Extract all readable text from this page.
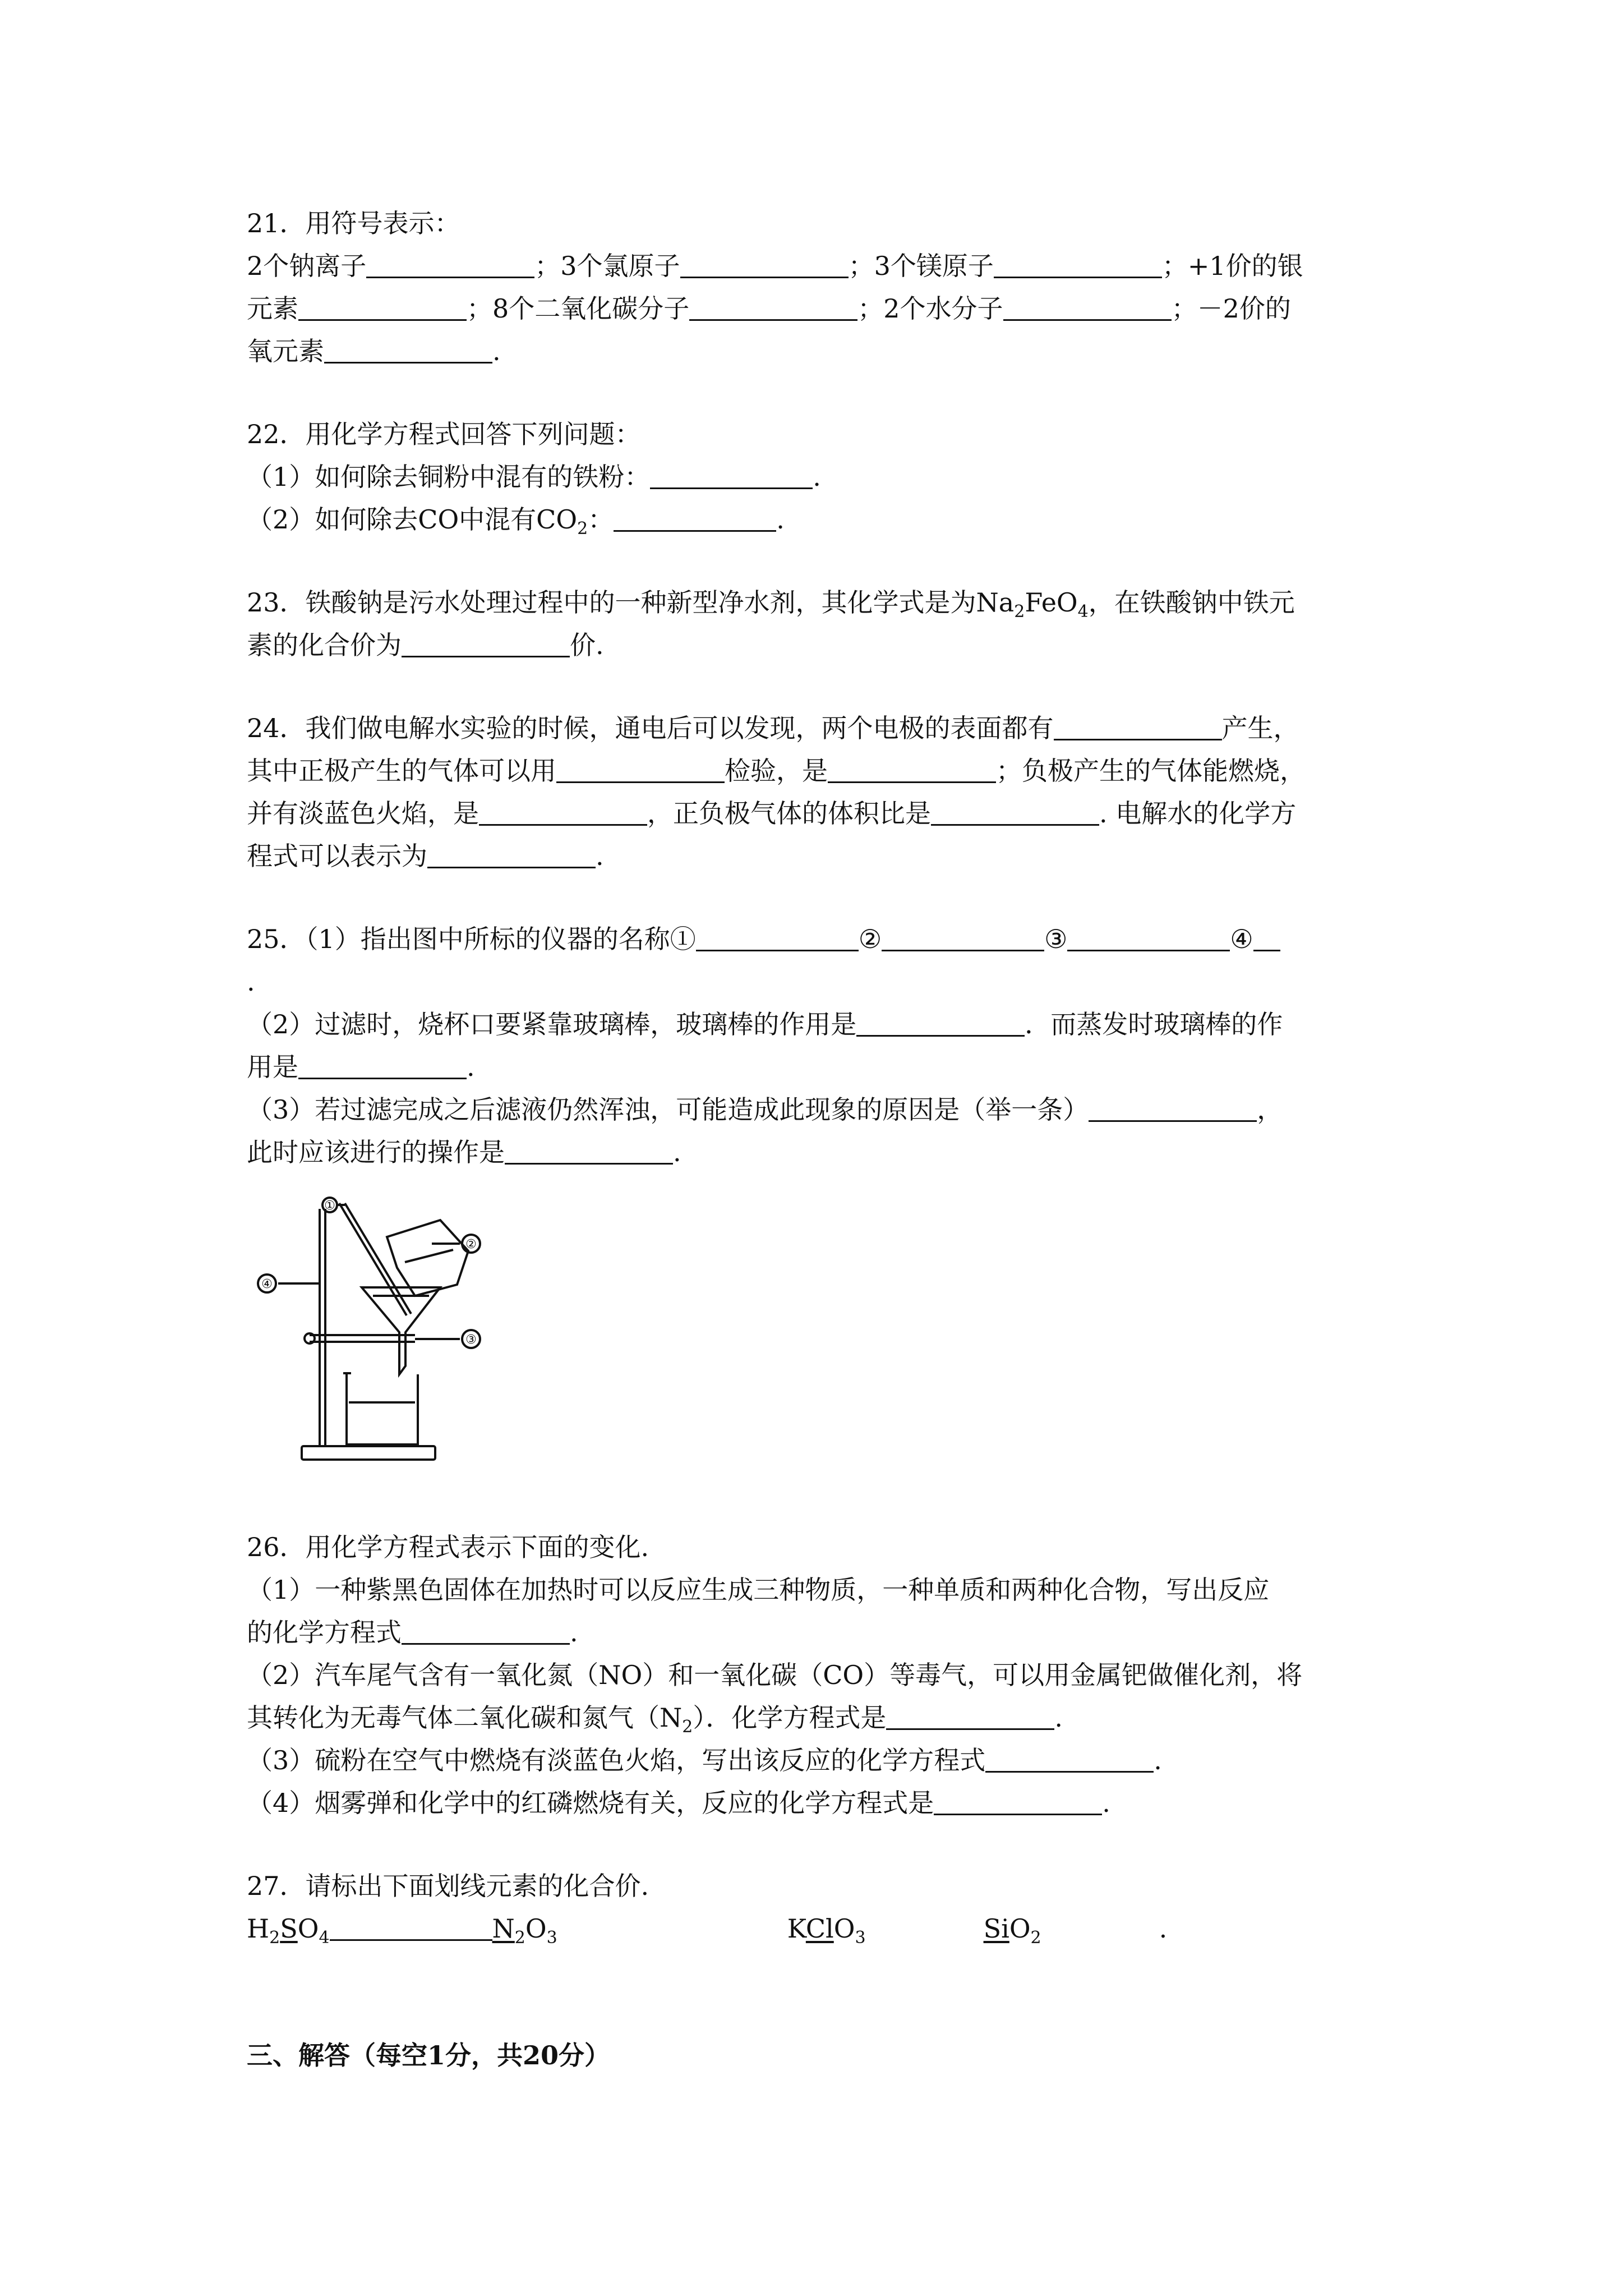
21．用符号表示：
2个钠离子	；3个氯原子	；3个镁原子	；+1价的银
元素	；8个二氧化碳分子	；2个水分子	；－2价的
氧元素	.
22．用化学方程式回答下列问题：
（1）如何除去铜粉中混有的铁粉：	.
（2）如何除去CO中混有$CO_2$：	.
23．铁酸钠是污水处理过程中的一种新型净水剂，其化学式是为$Na_2FeO_4$，在铁酸钠中铁元
素的化合价为	价.
24．我们做电解水实验的时候，通电后可以发现，两个电极的表面都有	产生，
其中正极产生的气体可以用	检验，是	；负极产生的气体能燃烧，
并有淡蓝色火焰，是	，正负极气体的体积比是	. 电解水的化学方
程式可以表示为	.
25．（1）指出图中所标的仪器的名称①	②	③	④
.
（2）过滤时，烧杯口要紧靠玻璃棒，玻璃棒的作用是	．而蒸发时玻璃棒的作
用是	.
（3）若过滤完成之后滤液仍然浑浊，可能造成此现象的原因是（举一条）	，
此时应该进行的操作是	.
①
②
③
④
26．用化学方程式表示下面的变化.
（1）一种紫黑色固体在加热时可以反应生成三种物质，一种单质和两种化合物，写出反应
的化学方程式	.
（2）汽车尾气含有一氧化氮（NO）和一氧化碳（CO）等毒气，可以用金属钯做催化剂，将
其转化为无毒气体二氧化碳和氮气$(N_2)$．化学方程式是	.
（3）硫粉在空气中燃烧有淡蓝色火焰，写出该反应的化学方程式	.
（4）烟雾弹和化学中的红磷燃烧有关，反应的化学方程式是	.
27．请标出下面划线元素的化合价.
$H_2SO_4$	$N_2O_3$	KClO$_3$	SiO$_2$	.
三、解答（每空1分，共20分）
